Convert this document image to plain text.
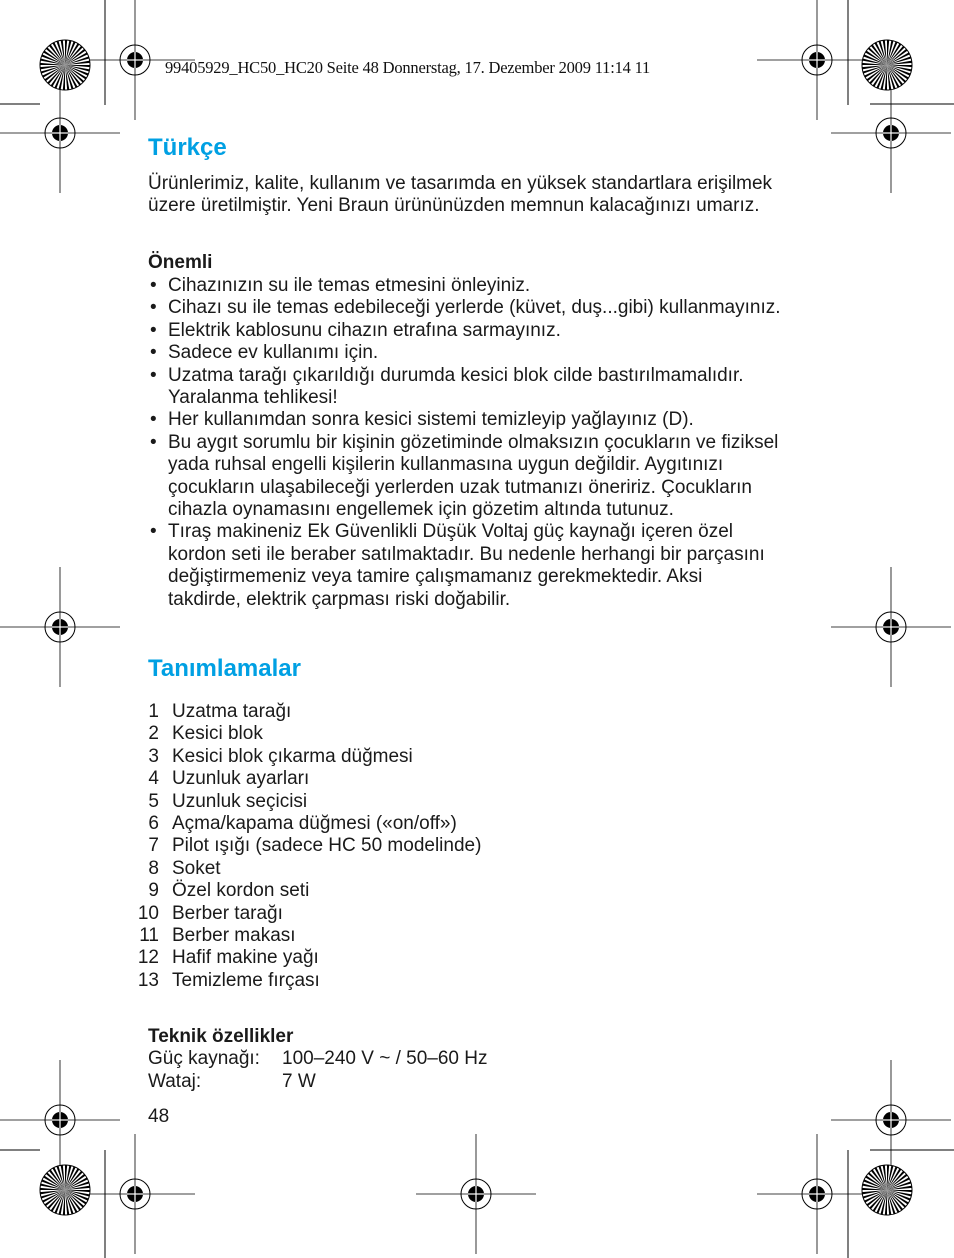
99405929_HC50_HC20 Seite 48 Donnerstag, 17. Dezember 2009 11:14 11
Türkçe
Ürünlerimiz, kalite, kullanım ve tasarımda en yüksek standartlara erişilmek
üzere üretilmiştir. Yeni Braun ürününüzden memnun kalacağınızı umarız.
Önemli
• Cihazınızın su ile temas etmesini önleyiniz.
• Cihazı su ile temas edebileceği yerlerde (küvet, duş...gibi) kullanmayınız.
• Elektrik kablosunu cihazın etrafına sarmayınız.
• Sadece ev kullanımı için.
• Uzatma tarağı çıkarıldığı durumda kesici blok cilde bastırılmamalıdır.
Yaralanma tehlikesi!
• Her kullanımdan sonra kesici sistemi temizleyip yağlayınız (D).
• Bu aygıt sorumlu bir kişinin gözetiminde olmaksızın çocukların ve fiziksel
yada ruhsal engelli kişilerin kullanmasına uygun değildir. Aygıtınızı
çocukların ulaşabileceği yerlerden uzak tutmanızı öneririz. Çocukların
cihazla oynamasını engellemek için gözetim altında tutunuz.
• Tıraş makineniz Ek Güvenlikli Düşük Voltaj güç kaynağı içeren özel
kordon seti ile beraber satılmaktadır. Bu nedenle herhangi bir parçasını
değiştirmemeniz veya tamire çalışmamanız gerekmektedir. Aksi
takdirde, elektrik çarpması riski doğabilir.
Tanımlamalar
1 Uzatma tarağı
2 Kesici blok
3 Kesici blok çıkarma düğmesi
4 Uzunluk ayarları
5 Uzunluk seçicisi
6 Açma/kapama düğmesi («on/off»)
7 Pilot ışığı (sadece HC 50 modelinde)
8 Soket
9 Özel kordon seti
10 Berber tarağı
11 Berber makası
12 Hafif makine yağı
13 Temizleme fırçası
Teknik özellikler
Güç kaynağı: 100–240 V ~ / 50–60 Hz
Wataj:	7 W
48
